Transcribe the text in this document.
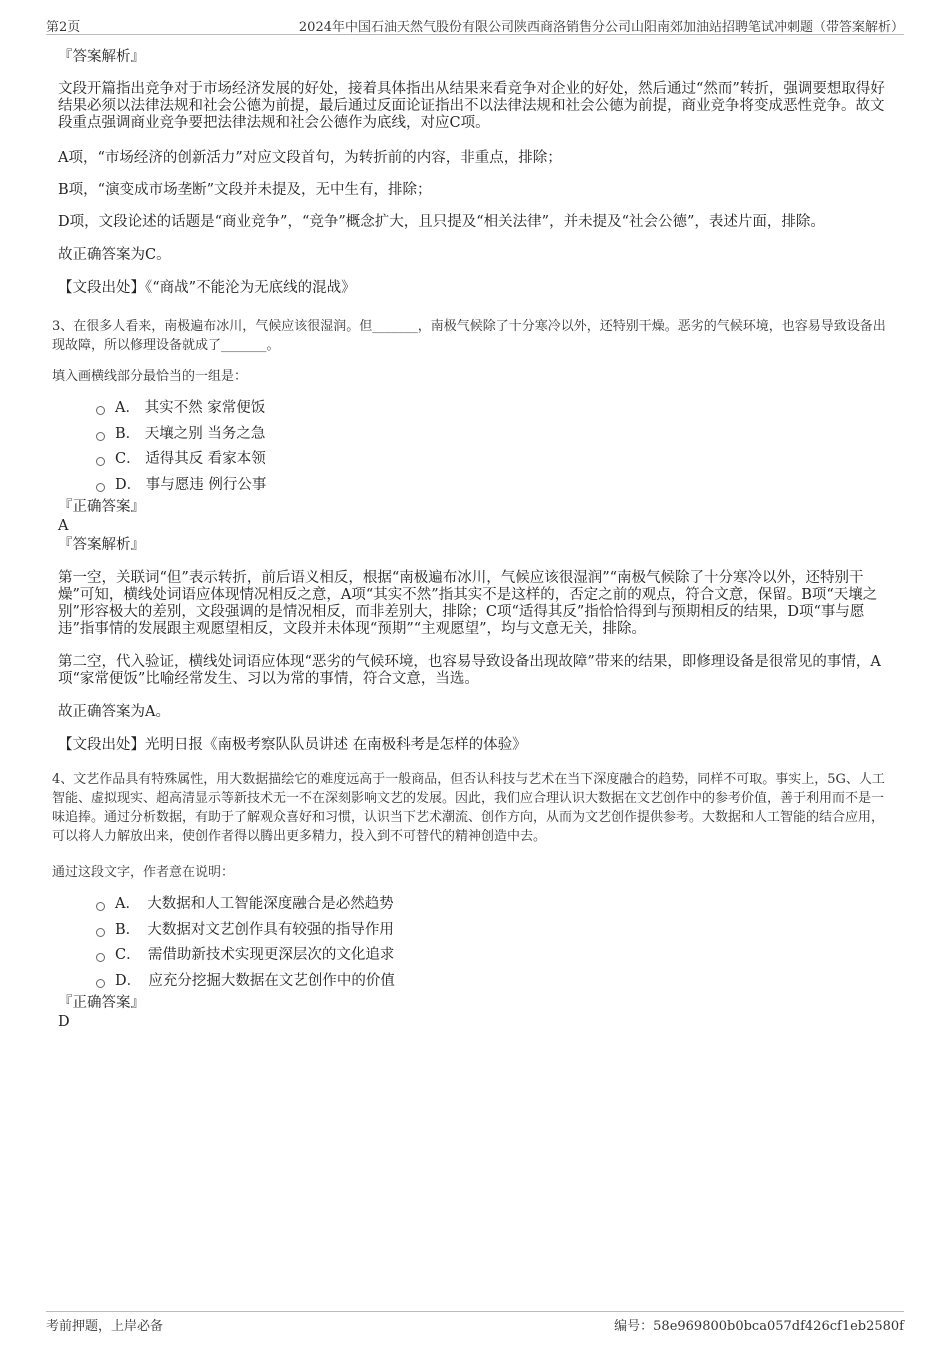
第2页	2024年中国石油天然气股份有限公司陕西商洛销售分公司山阳南郊加油站招聘笔试冲刺题（带答案解析）
『答案解析』

文段开篇指出竞争对于市场经济发展的好处，接着具体指出从结果来看竞争对企业的好处，然后通过“然而”转折，强调要想取得好结果必须以法律法规和社会公德为前提，最后通过反面论证指出不以法律法规和社会公德为前提，商业竞争将变成恶性竞争。故文段重点强调商业竞争要把法律法规和社会公德作为底线，对应C项。

A项，“市场经济的创新活力”对应文段首句，为转折前的内容，非重点，排除；

B项，“演变成市场垄断”文段并未提及，无中生有，排除；

D项，文段论述的话题是“商业竞争”，“竞争”概念扩大，且只提及“相关法律”，并未提及“社会公德”，表述片面，排除。

故正确答案为C。

【文段出处】《“商战”不能沦为无底线的混战》

3、在很多人看来，南极遍布冰川，气候应该很湿润。但_______，南极气候除了十分寒冷以外，还特别干燥。恶劣的气候环境，也容易导致设备出现故障，所以修理设备就成了_______。

填入画横线部分最恰当的一组是：

A． 其实不然 家常便饭
B． 天壤之别 当务之急
C． 适得其反 看家本领
D． 事与愿违 例行公事
『正确答案』
A
『答案解析』

第一空，关联词“但”表示转折，前后语义相反，根据“南极遍布冰川，气候应该很湿润”“南极气候除了十分寒冷以外，还特别干燥”可知，横线处词语应体现情况相反之意，A项“其实不然”指其实不是这样的，否定之前的观点，符合文意，保留。B项“天壤之别”形容极大的差别，文段强调的是情况相反，而非差别大，排除；C项“适得其反”指恰恰得到与预期相反的结果，D项“事与愿违”指事情的发展跟主观愿望相反，文段并未体现“预期”“主观愿望”，均与文意无关，排除。

第二空，代入验证，横线处词语应体现“恶劣的气候环境，也容易导致设备出现故障”带来的结果，即修理设备是很常见的事情，A项“家常便饭”比喻经常发生、习以为常的事情，符合文意，当选。

故正确答案为A。

【文段出处】光明日报《南极考察队队员讲述 在南极科考是怎样的体验》

4、文艺作品具有特殊属性，用大数据描绘它的难度远高于一般商品，但否认科技与艺术在当下深度融合的趋势，同样不可取。事实上，5G、人工智能、虚拟现实、超高清显示等新技术无一不在深刻影响文艺的发展。因此，我们应合理认识大数据在文艺创作中的参考价值，善于利用而不是一味追捧。通过分析数据，有助于了解观众喜好和习惯，认识当下艺术潮流、创作方向，从而为文艺创作提供参考。大数据和人工智能的结合应用，可以将人力解放出来，使创作者得以腾出更多精力，投入到不可替代的精神创造中去。

通过这段文字，作者意在说明：

A．　大数据和人工智能深度融合是必然趋势
B．　大数据对文艺创作具有较强的指导作用
C．　需借助新技术实现更深层次的文化追求
D．　应充分挖掘大数据在文艺创作中的价值
『正确答案』
D
考前押题，上岸必备	编号：58e969800b0bca057df426cf1eb2580f
